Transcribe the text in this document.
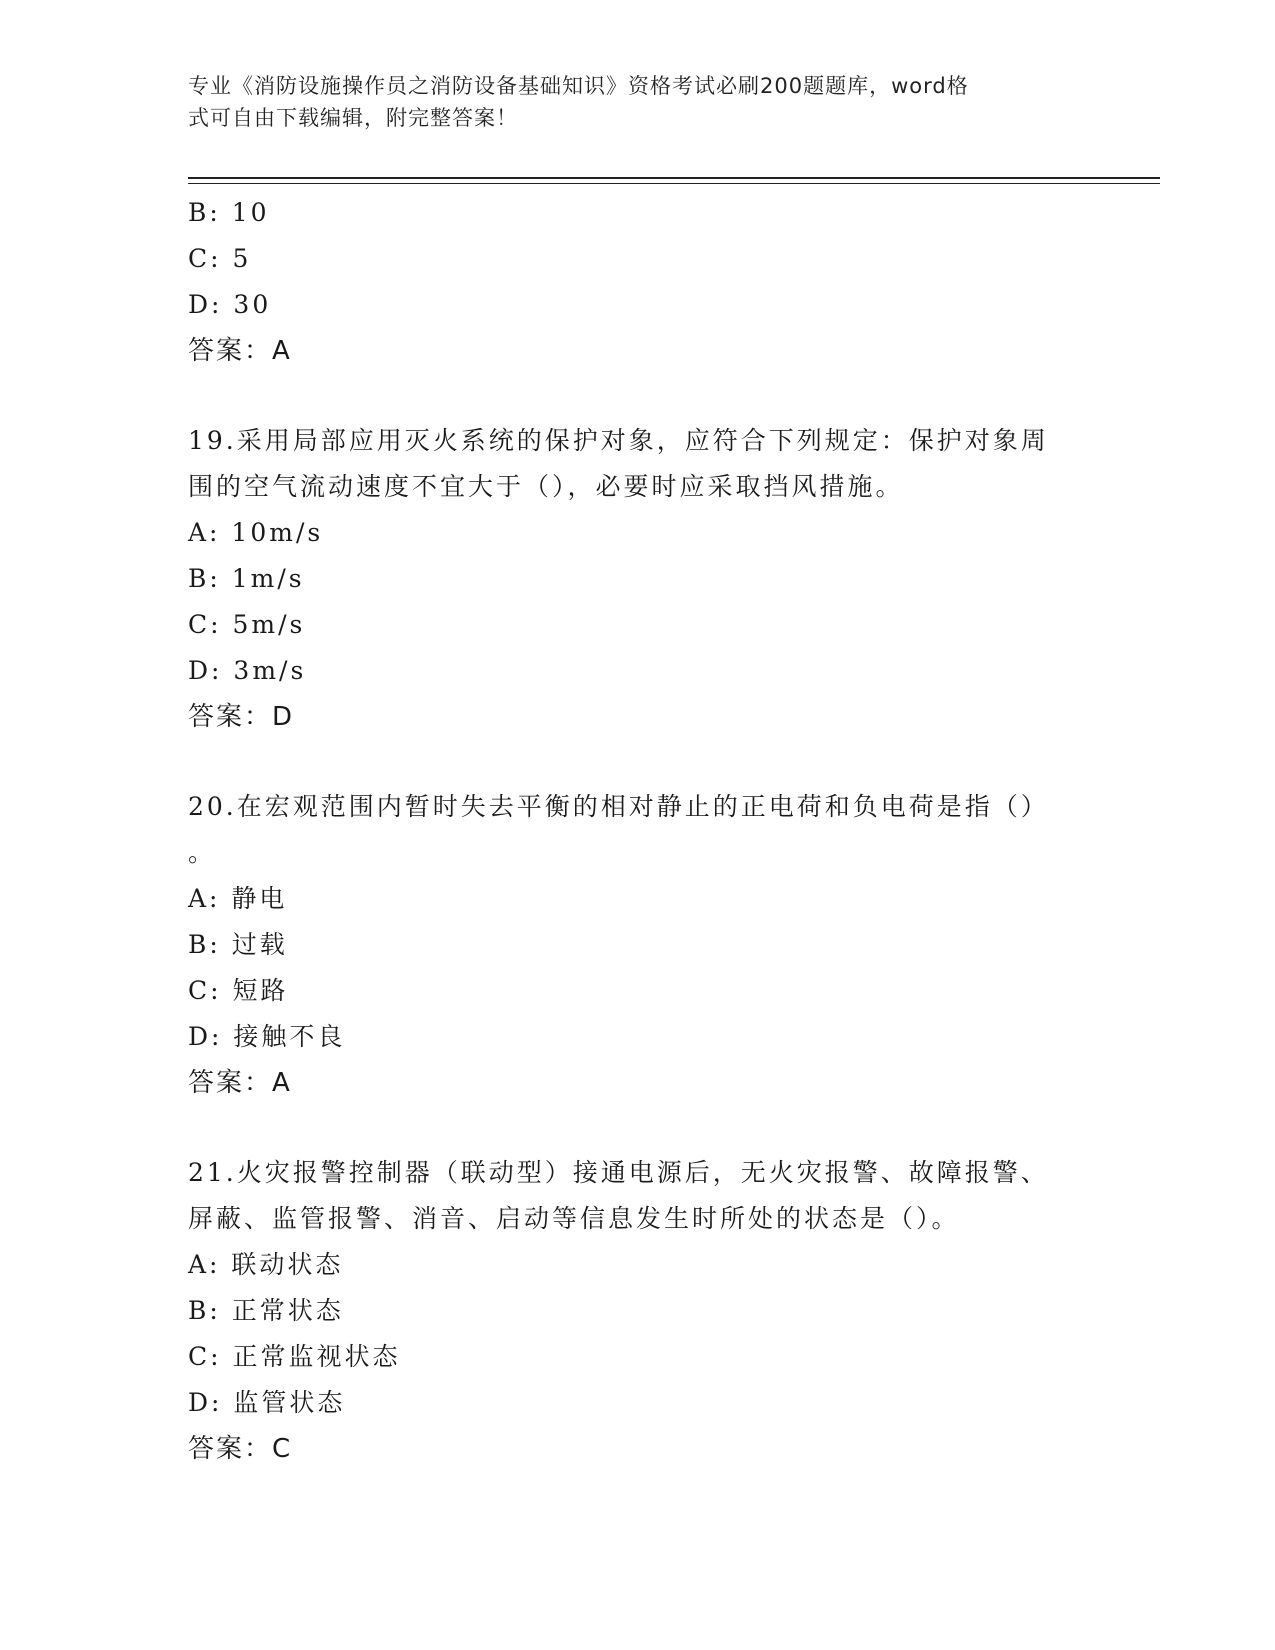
专业《消防设施操作员之消防设备基础知识》资格考试必刷200题题库，word格
式可自由下载编辑，附完整答案！
B: 10
C: 5
D: 30
答案：A
19.采用局部应用灭火系统的保护对象，应符合下列规定：保护对象周
围的空气流动速度不宜大于（），必要时应采取挡风措施。
A: 10m/s
B: 1m/s
C: 5m/s
D: 3m/s
答案：D
20.在宏观范围内暂时失去平衡的相对静止的正电荷和负电荷是指（）
。
A: 静电
B: 过载
C: 短路
D: 接触不良
答案：A
21.火灾报警控制器（联动型）接通电源后，无火灾报警、故障报警、
屏蔽、监管报警、消音、启动等信息发生时所处的状态是（）。
A: 联动状态
B: 正常状态
C: 正常监视状态
D: 监管状态
答案：C
